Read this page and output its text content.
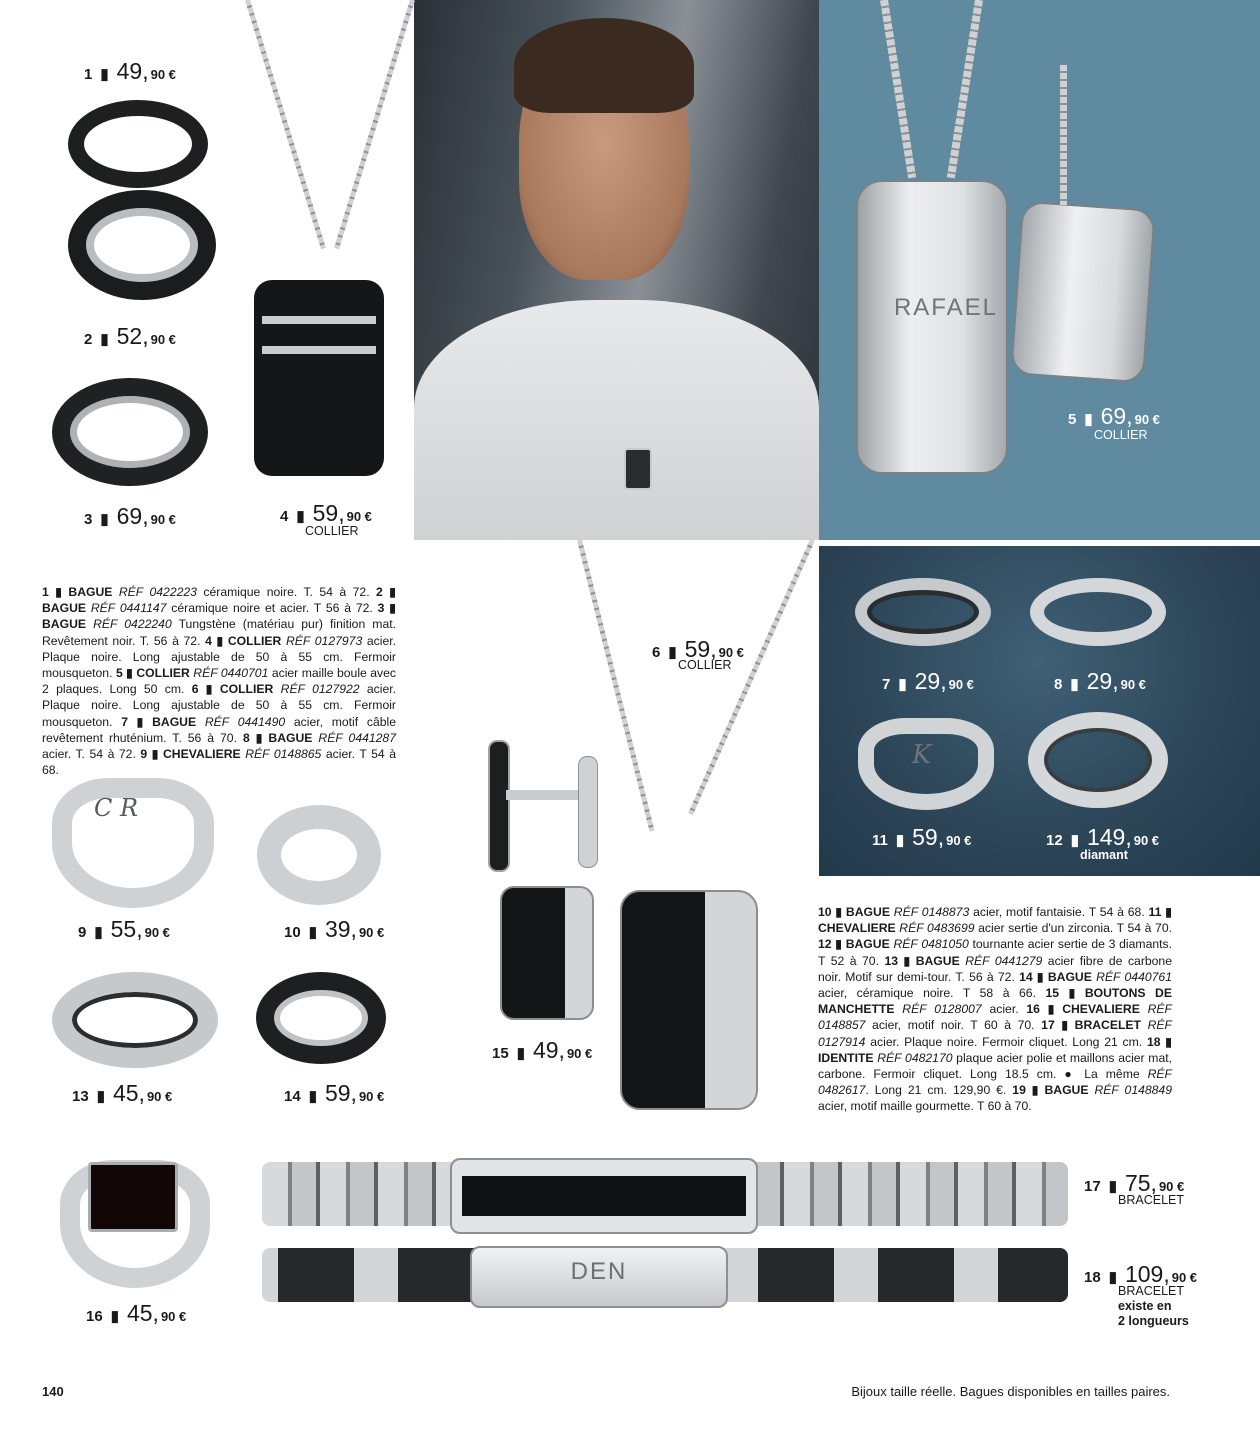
RAFAEL
K
1 ▮ BAGUE RÉF 0422223 céramique noire. T. 54 à 72. 2 ▮ BAGUE RÉF 0441147 céramique noire et acier. T 56 à 72. 3 ▮ BAGUE RÉF 0422240 Tungstène (matériau pur) finition mat. Revêtement noir. T. 56 à 72. 4 ▮ COLLIER RÉF 0127973 acier. Plaque noire. Long ajustable de 50 à 55 cm. Fermoir mousqueton. 5 ▮ COLLIER RÉF 0440701 acier maille boule avec 2 plaques. Long 50 cm. 6 ▮ COLLIER RÉF 0127922 acier. Plaque noire. Long ajustable de 50 à 55 cm. Fermoir mousqueton. 7 ▮ BAGUE RÉF 0441490 acier, motif câble revêtement rhuténium. T. 56 à 70. 8 ▮ BAGUE RÉF 0441287 acier. T. 54 à 72. 9 ▮ CHEVALIERE RÉF 0148865 acier. T 54 à 68.
C R
DEN
10 ▮ BAGUE RÉF 0148873 acier, motif fantaisie. T 54 à 68. 11 ▮ CHEVALIERE RÉF 0483699 acier sertie d'un zirconia. T 54 à 70. 12 ▮ BAGUE RÉF 0481050 tournante acier sertie de 3 diamants. T 52 à 70. 13 ▮ BAGUE RÉF 0441279 acier fibre de carbone noir. Motif sur demi-tour. T. 56 à 72. 14 ▮ BAGUE RÉF 0440761 acier, céramique noire. T 58 à 66. 15 ▮ BOUTONS DE MANCHETTE RÉF 0128007 acier. 16 ▮ CHEVALIERE RÉF 0148857 acier, motif noir. T 60 à 70. 17 ▮ BRACELET RÉF 0127914 acier. Plaque noire. Fermoir cliquet. Long 21 cm. 18 ▮ IDENTITE RÉF 0482170 plaque acier polie et maillons acier mat, carbone. Fermoir cliquet. Long 18.5 cm. ● La même RÉF 0482617. Long 21 cm. 129,90 €. 19 ▮ BAGUE RÉF 0148849 acier, motif maille gourmette. T 60 à 70.
1 ▮ 49, 90 €
2 ▮ 52, 90 €
3 ▮ 69, 90 €	4 ▮ 59, 90 €
COLLIER
5 ▮ 69, 90 €
COLLIER
6 ▮ 59, 90 €
COLLIER
7 ▮ 29, 90 €	8 ▮ 29, 90 €
9 ▮ 55, 90 €	10 ▮ 39, 90 €
11 ▮ 59, 90 €	12 ▮ 149, 90 €
diamant
13 ▮ 45, 90 €	14 ▮ 59, 90 €
15 ▮ 49, 90 €
16 ▮ 45, 90 €
17 ▮ 75, 90 €
BRACELET
18 ▮ 109, 90 €
BRACELET
existe en
2 longueurs
140	Bijoux taille réelle. Bagues disponibles en tailles paires.
